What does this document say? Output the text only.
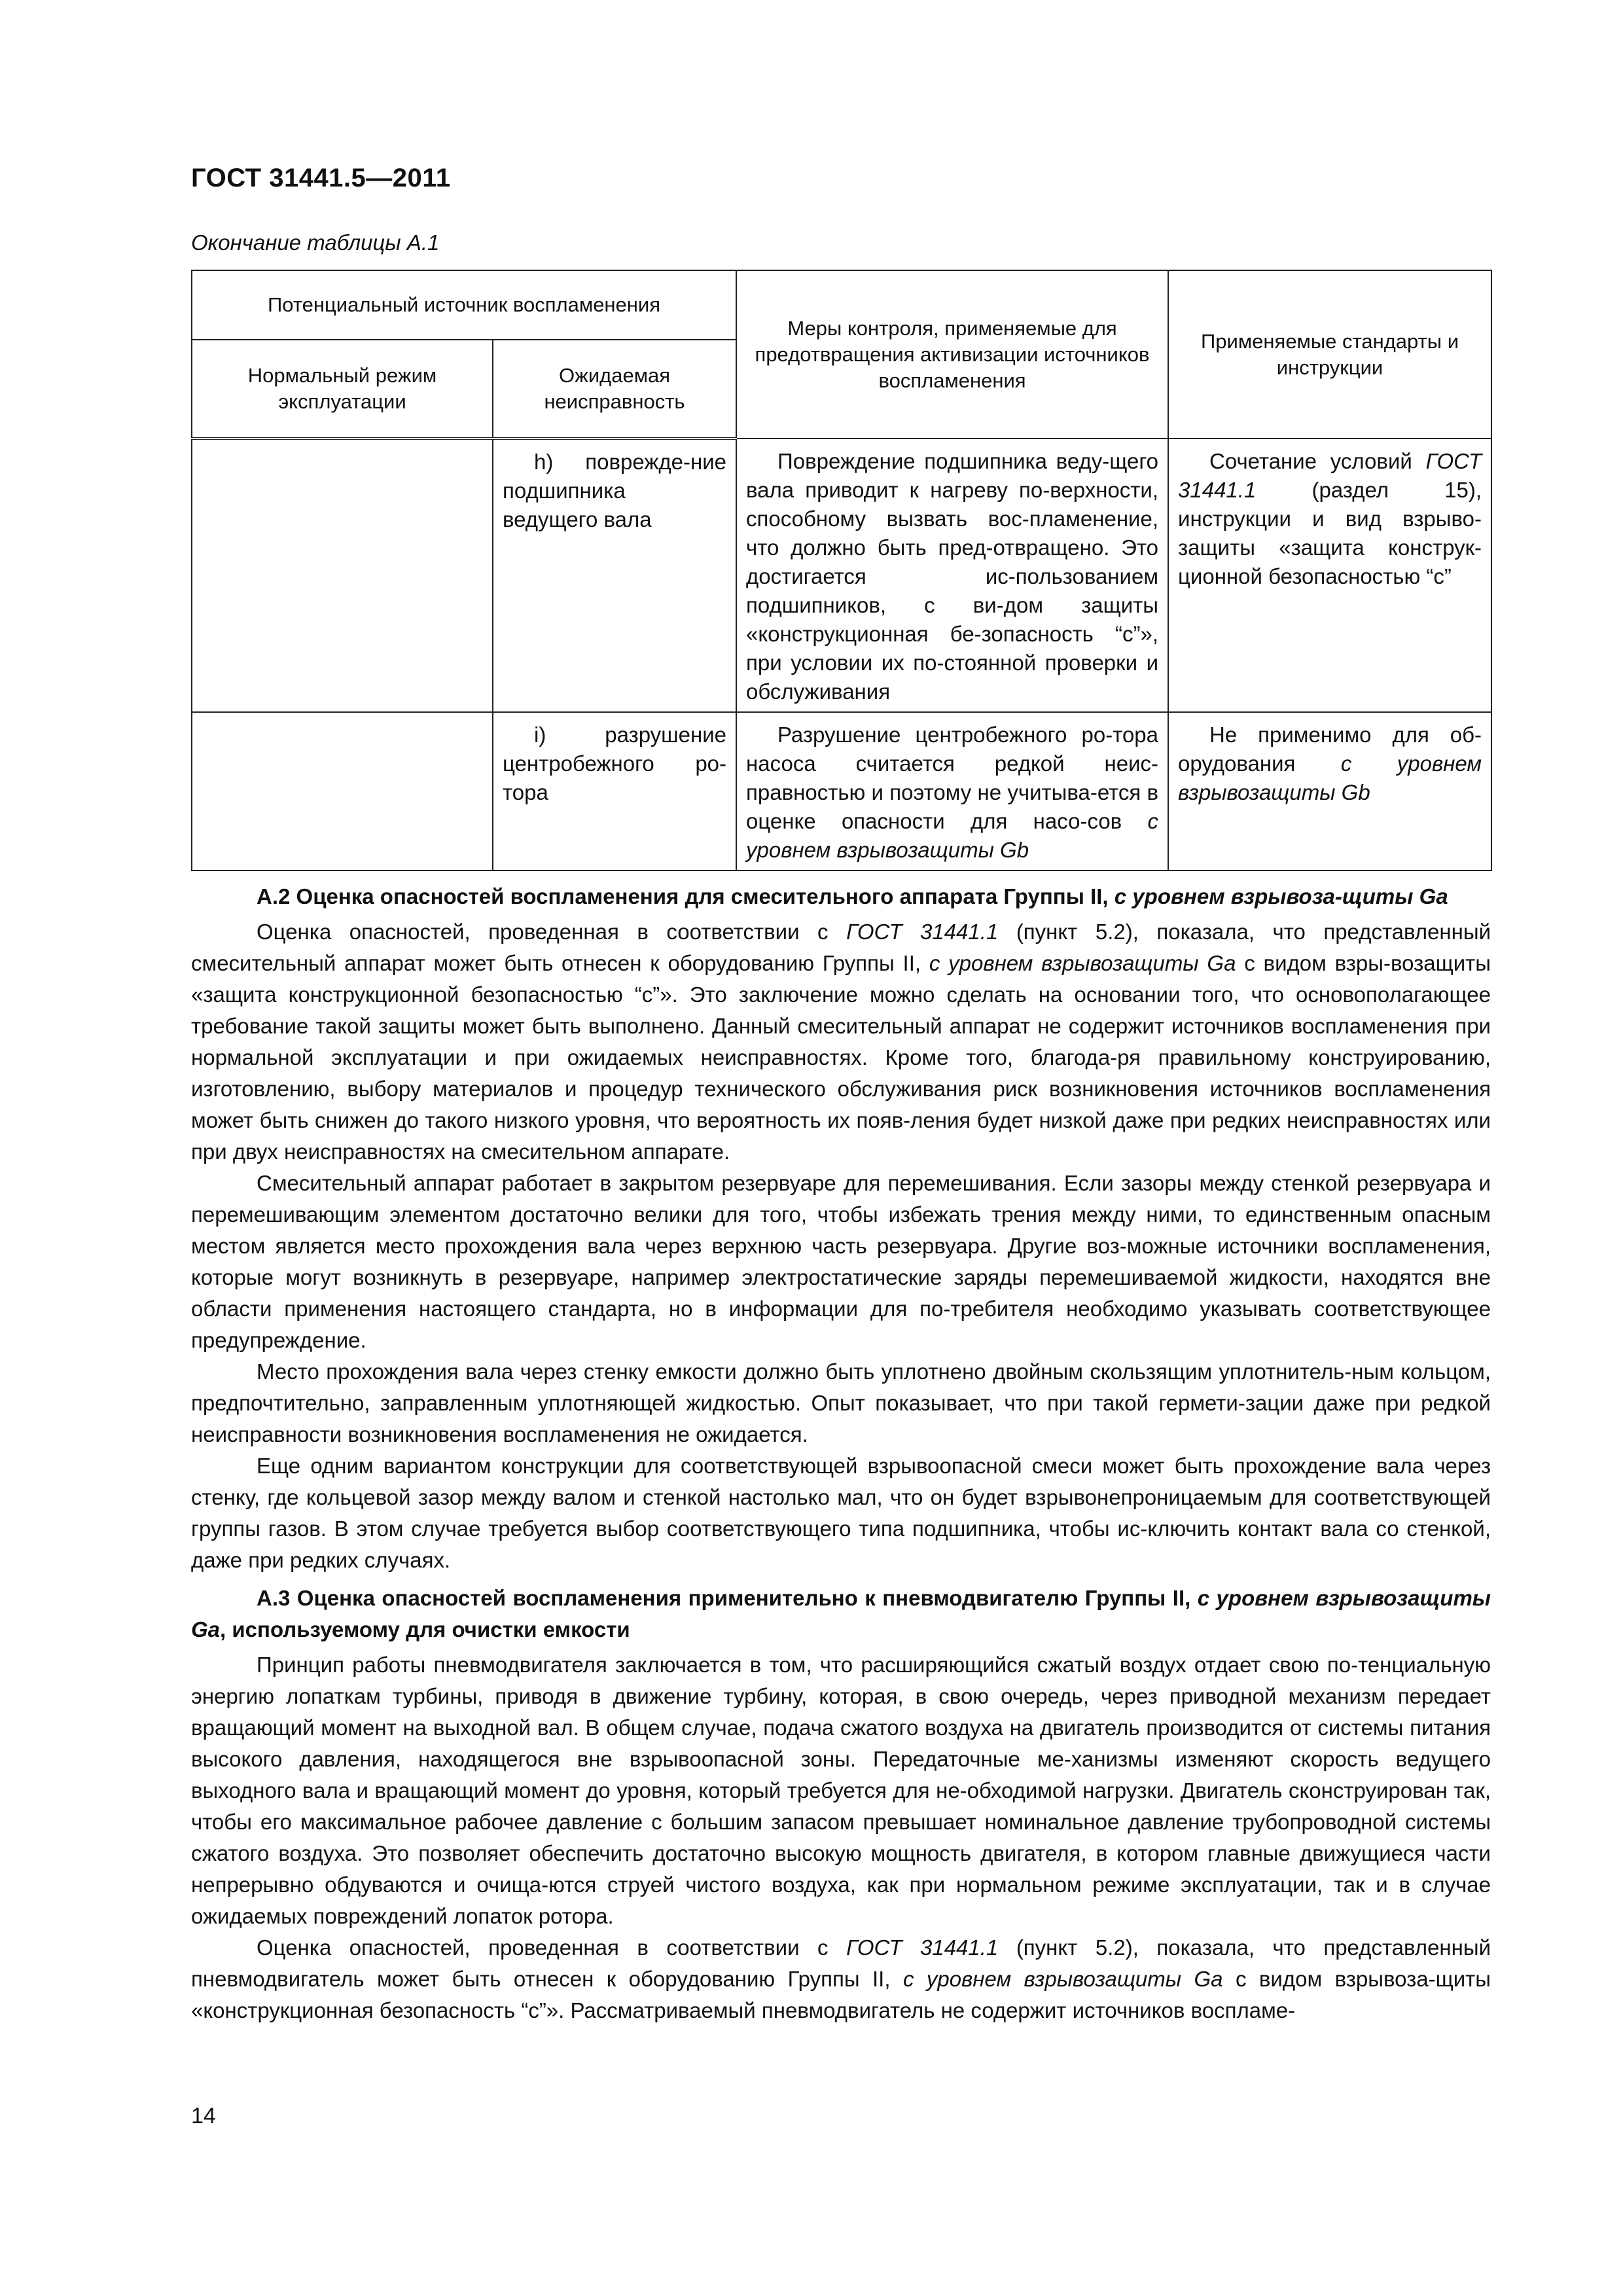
ГОСТ 31441.5—2011
Окончание таблицы А.1
Потенциальный источник воспламенения		Меры контроля, применяемые для предотвращения активизации источников воспламенения	Применяемые стандарты и инструкции
Нормальный режим эксплуатации	Ожидаемая неисправность		
	h) поврежде-ние подшипника ведущего вала	Повреждение подшипника веду-щего вала приводит к нагреву по-верхности, способному вызвать вос-пламенение, что должно быть пред-отвращено. Это достигается ис-пользованием подшипников, с ви-дом защиты «конструкционная бе-зопасность “с”», при условии их по-стоянной проверки и обслуживания	Сочетание условий ГОСТ 31441.1 (раздел 15), инструкции и вид взрыво-защиты «защита конструк-ционной безопасностью “с”
	i) разрушение центробежного ро-тора	Разрушение центробежного ро-тора насоса считается редкой неис-правностью и поэтому не учитыва-ется в оценке опасности для насо-сов с уровнем взрывозащиты Gb	Не применимо для об-орудования с уровнем взрывозащиты Gb
А.2 Оценка опасностей воспламенения для смесительного аппарата Группы II, с уровнем взрывоза-щиты Ga

Оценка опасностей, проведенная в соответствии с ГОСТ 31441.1 (пункт 5.2), показала, что представленный смесительный аппарат может быть отнесен к оборудованию Группы II, с уровнем взрывозащиты Ga с видом взры-возащиты «защита конструкционной безопасностью “с”». Это заключение можно сделать на основании того, что основополагающее требование такой защиты может быть выполнено. Данный смесительный аппарат не содержит источников воспламенения при нормальной эксплуатации и при ожидаемых неисправностях. Кроме того, благода-ря правильному конструированию, изготовлению, выбору материалов и процедур технического обслуживания риск возникновения источников воспламенения может быть снижен до такого низкого уровня, что вероятность их появ-ления будет низкой даже при редких неисправностях или при двух неисправностях на смесительном аппарате.

Смесительный аппарат работает в закрытом резервуаре для перемешивания. Если зазоры между стенкой резервуара и перемешивающим элементом достаточно велики для того, чтобы избежать трения между ними, то единственным опасным местом является место прохождения вала через верхнюю часть резервуара. Другие воз-можные источники воспламенения, которые могут возникнуть в резервуаре, например электростатические заряды перемешиваемой жидкости, находятся вне области применения настоящего стандарта, но в информации для по-требителя необходимо указывать соответствующее предупреждение.

Место прохождения вала через стенку емкости должно быть уплотнено двойным скользящим уплотнитель-ным кольцом, предпочтительно, заправленным уплотняющей жидкостью. Опыт показывает, что при такой гермети-зации даже при редкой неисправности возникновения воспламенения не ожидается.

Еще одним вариантом конструкции для соответствующей взрывоопасной смеси может быть прохождение вала через стенку, где кольцевой зазор между валом и стенкой настолько мал, что он будет взрывонепроницаемым для соответствующей группы газов. В этом случае требуется выбор соответствующего типа подшипника, чтобы ис-ключить контакт вала со стенкой, даже при редких случаях.

А.3 Оценка опасностей воспламенения применительно к пневмодвигателю Группы II, с уровнем взрывозащиты Ga, используемому для очистки емкости

Принцип работы пневмодвигателя заключается в том, что расширяющийся сжатый воздух отдает свою по-тенциальную энергию лопаткам турбины, приводя в движение турбину, которая, в свою очередь, через приводной механизм передает вращающий момент на выходной вал. В общем случае, подача сжатого воздуха на двигатель производится от системы питания высокого давления, находящегося вне взрывоопасной зоны. Передаточные ме-ханизмы изменяют скорость ведущего выходного вала и вращающий момент до уровня, который требуется для не-обходимой нагрузки. Двигатель сконструирован так, чтобы его максимальное рабочее давление с большим запасом превышает номинальное давление трубопроводной системы сжатого воздуха. Это позволяет обеспечить достаточно высокую мощность двигателя, в котором главные движущиеся части непрерывно обдуваются и очища-ются струей чистого воздуха, как при нормальном режиме эксплуатации, так и в случае ожидаемых повреждений лопаток ротора.

Оценка опасностей, проведенная в соответствии с ГОСТ 31441.1 (пункт 5.2), показала, что представленный пневмодвигатель может быть отнесен к оборудованию Группы II, с уровнем взрывозащиты Ga с видом взрывоза-щиты «конструкционная безопасность “с”». Рассматриваемый пневмодвигатель не содержит источников воспламе-

14
